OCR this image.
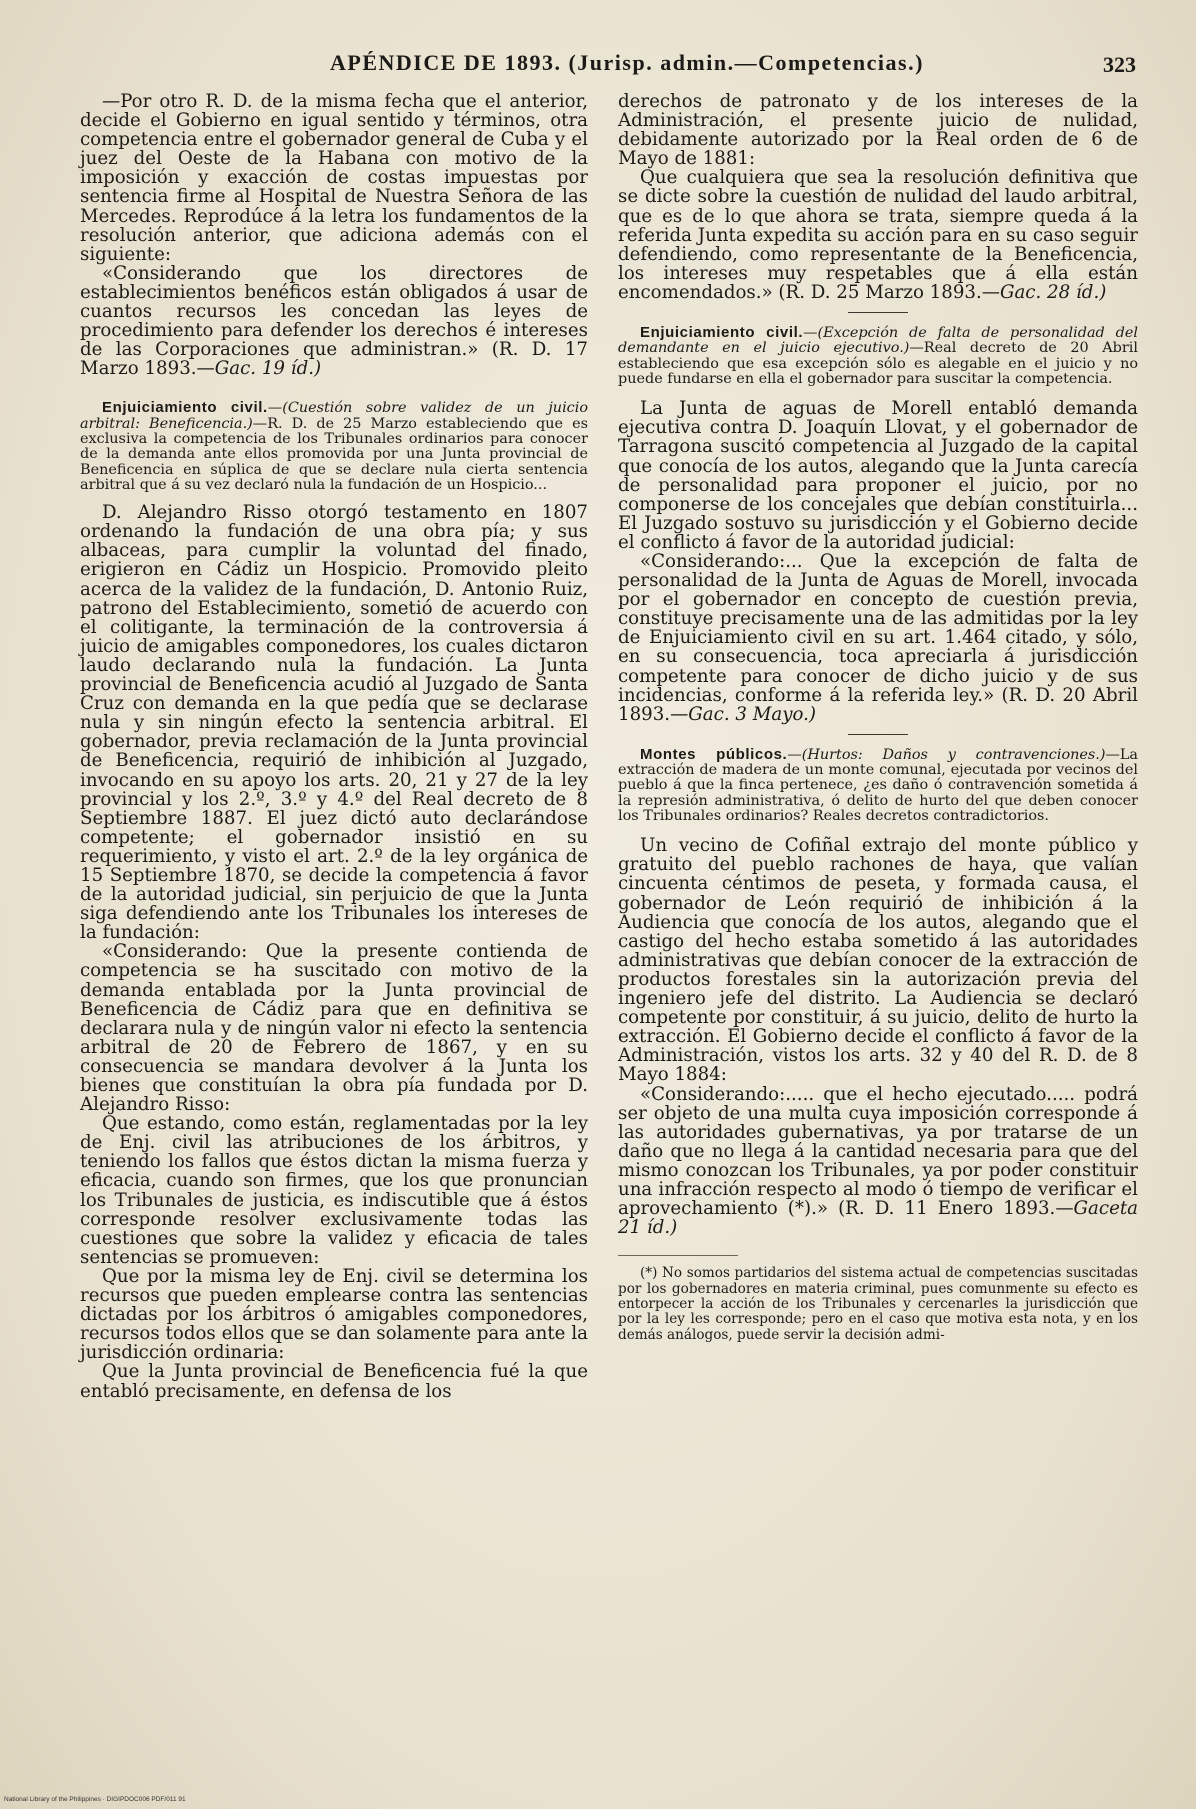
APÉNDICE DE 1893. (Jurisp. admin.—Competencias.)	323

—Por otro R. D. de la misma fecha que el anterior, decide el Gobierno en igual sentido y términos, otra competencia entre el gobernador general de Cuba y el juez del Oeste de la Habana con motivo de la imposición y exacción de costas impuestas por sentencia firme al Hospital de Nuestra Señora de las Mercedes. Reprodúce á la letra los fundamentos de la resolución anterior, que adiciona además con el siguiente:

«Considerando que los directores de establecimientos benéficos están obligados á usar de cuantos recursos les concedan las leyes de procedimiento para defender los derechos é intereses de las Corporaciones que administran.» (R. D. 17 Marzo 1893.—Gac. 19 íd.)

Enjuiciamiento civil.—(Cuestión sobre validez de un juicio arbitral: Beneficencia.)—R. D. de 25 Marzo estableciendo que es exclusiva la competencia de los Tribunales ordinarios para conocer de la demanda ante ellos promovida por una Junta provincial de Beneficencia en súplica de que se declare nula cierta sentencia arbitral que á su vez declaró nula la fundación de un Hospicio...

D. Alejandro Risso otorgó testamento en 1807 ordenando la fundación de una obra pía; y sus albaceas, para cumplir la voluntad del finado, erigieron en Cádiz un Hospicio. Promovido pleito acerca de la validez de la fundación, D. Antonio Ruiz, patrono del Establecimiento, sometió de acuerdo con el colitigante, la terminación de la controversia á juicio de amigables componedores, los cuales dictaron laudo declarando nula la fundación. La Junta provincial de Beneficencia acudió al Juzgado de Santa Cruz con demanda en la que pedía que se declarase nula y sin ningún efecto la sentencia arbitral. El gobernador, previa reclamación de la Junta provincial de Beneficencia, requirió de inhibición al Juzgado, invocando en su apoyo los arts. 20, 21 y 27 de la ley provincial y los 2.º, 3.º y 4.º del Real decreto de 8 Septiembre 1887. El juez dictó auto declarándose competente; el gobernador insistió en su requerimiento, y visto el art. 2.º de la ley orgánica de 15 Septiembre 1870, se decide la competencia á favor de la autoridad judicial, sin perjuicio de que la Junta siga defendiendo ante los Tribunales los intereses de la fundación:

«Considerando: Que la presente contienda de competencia se ha suscitado con motivo de la demanda entablada por la Junta provincial de Beneficencia de Cádiz para que en definitiva se declarara nula y de ningún valor ni efecto la sentencia arbitral de 20 de Febrero de 1867, y en su consecuencia se mandara devolver á la Junta los bienes que constituían la obra pía fundada por D. Alejandro Risso:

Que estando, como están, reglamentadas por la ley de Enj. civil las atribuciones de los árbitros, y teniendo los fallos que éstos dictan la misma fuerza y eficacia, cuando son firmes, que los que pronuncian los Tribunales de justicia, es indiscutible que á éstos corresponde resolver exclusivamente todas las cuestiones que sobre la validez y eficacia de tales sentencias se promueven:

Que por la misma ley de Enj. civil se determina los recursos que pueden emplearse contra las sentencias dictadas por los árbitros ó amigables componedores, recursos todos ellos que se dan solamente para ante la jurisdicción ordinaria:

Que la Junta provincial de Beneficencia fué la que entabló precisamente, en defensa de los

derechos de patronato y de los intereses de la Administración, el presente juicio de nulidad, debidamente autorizado por la Real orden de 6 de Mayo de 1881:

Que cualquiera que sea la resolución definitiva que se dicte sobre la cuestión de nulidad del laudo arbitral, que es de lo que ahora se trata, siempre queda á la referida Junta expedita su acción para en su caso seguir defendiendo, como representante de la Beneficencia, los intereses muy respetables que á ella están encomendados.» (R. D. 25 Marzo 1893.—Gac. 28 íd.)

Enjuiciamiento civil.—(Excepción de falta de personalidad del demandante en el juicio ejecutivo.)—Real decreto de 20 Abril estableciendo que esa excepción sólo es alegable en el juicio y no puede fundarse en ella el gobernador para suscitar la competencia.

La Junta de aguas de Morell entabló demanda ejecutiva contra D. Joaquín Llovat, y el gobernador de Tarragona suscitó competencia al Juzgado de la capital que conocía de los autos, alegando que la Junta carecía de personalidad para proponer el juicio, por no componerse de los concejales que debían constituirla... El Juzgado sostuvo su jurisdicción y el Gobierno decide el conflicto á favor de la autoridad judicial:

«Considerando:... Que la excepción de falta de personalidad de la Junta de Aguas de Morell, invocada por el gobernador en concepto de cuestión previa, constituye precisamente una de las admitidas por la ley de Enjuiciamiento civil en su art. 1.464 citado, y sólo, en su consecuencia, toca apreciarla á jurisdicción competente para conocer de dicho juicio y de sus incidencias, conforme á la referida ley.» (R. D. 20 Abril 1893.—Gac. 3 Mayo.)

Montes públicos.—(Hurtos: Daños y contravenciones.)—La extracción de madera de un monte comunal, ejecutada por vecinos del pueblo á que la finca pertenece, ¿es daño ó contravención sometida á la represión administrativa, ó delito de hurto del que deben conocer los Tribunales ordinarios? Reales decretos contradictorios.

Un vecino de Cofiñal extrajo del monte público y gratuito del pueblo rachones de haya, que valían cincuenta céntimos de peseta, y formada causa, el gobernador de León requirió de inhibición á la Audiencia que conocía de los autos, alegando que el castigo del hecho estaba sometido á las autoridades administrativas que debían conocer de la extracción de productos forestales sin la autorización previa del ingeniero jefe del distrito. La Audiencia se declaró competente por constituir, á su juicio, delito de hurto la extracción. El Gobierno decide el conflicto á favor de la Administración, vistos los arts. 32 y 40 del R. D. de 8 Mayo 1884:

«Considerando:..... que el hecho ejecutado..... podrá ser objeto de una multa cuya imposición corresponde á las autoridades gubernativas, ya por tratarse de un daño que no llega á la cantidad necesaria para que del mismo conozcan los Tribunales, ya por poder constituir una infracción respecto al modo ó tiempo de verificar el aprovechamiento (*).» (R. D. 11 Enero 1893.—Gaceta 21 íd.)

(*) No somos partidarios del sistema actual de competencias suscitadas por los gobernadores en materia criminal, pues comunmente su efecto es entorpecer la acción de los Tribunales y cercenarles la jurisdicción que por la ley les corresponde; pero en el caso que motiva esta nota, y en los demás análogos, puede servir la decisión admi-

National Library of the Philippines · DIGIPDOC006 PDF/011 91
